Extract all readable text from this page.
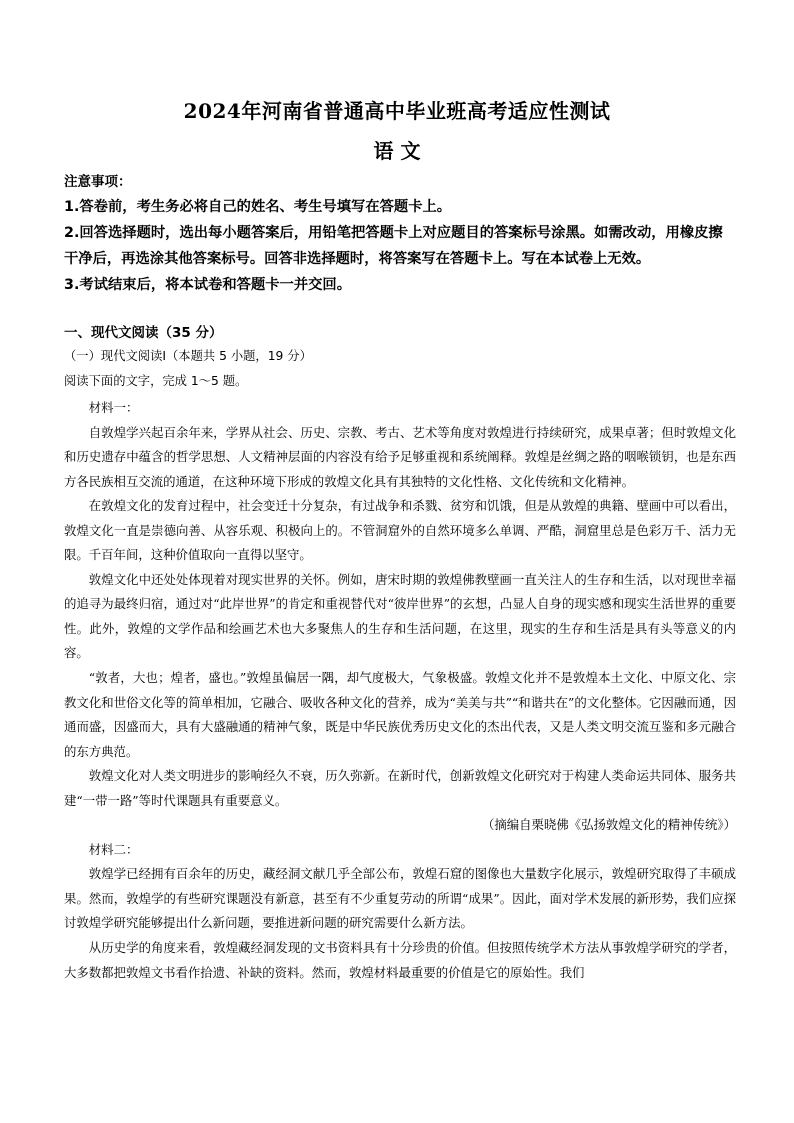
2024年河南省普通高中毕业班高考适应性测试
语 文

注意事项：

1.答卷前，考生务必将自己的姓名、考生号填写在答题卡上。

2.回答选择题时，选出每小题答案后，用铅笔把答题卡上对应题目的答案标号涂黑。如需改动，用橡皮擦干净后，再选涂其他答案标号。回答非选择题时，将答案写在答题卡上。写在本试卷上无效。

3.考试结束后，将本试卷和答题卡一并交回。

一、现代文阅读（35 分）

（一）现代文阅读Ⅰ（本题共 5 小题，19 分）

阅读下面的文字，完成 1～5 题。

材料一：

自敦煌学兴起百余年来，学界从社会、历史、宗教、考古、艺术等角度对敦煌进行持续研究，成果卓著；但时敦煌文化和历史遗存中蕴含的哲学思想、人文精神层面的内容没有给予足够重视和系统阐释。敦煌是丝绸之路的咽喉锁钥，也是东西方各民族相互交流的通道，在这种环境下形成的敦煌文化具有其独特的文化性格、文化传统和文化精神。

在敦煌文化的发育过程中，社会变迁十分复杂，有过战争和杀戮、贫穷和饥饿，但是从敦煌的典籍、壁画中可以看出，敦煌文化一直是崇德向善、从容乐观、积极向上的。不管洞窟外的自然环境多么单调、严酷，洞窟里总是色彩万千、活力无限。千百年间，这种价值取向一直得以坚守。

敦煌文化中还处处体现着对现实世界的关怀。例如，唐宋时期的敦煌佛教壁画一直关注人的生存和生活，以对现世幸福的追寻为最终归宿，通过对“此岸世界”的肯定和重视替代对“彼岸世界”的玄想，凸显人自身的现实感和现实生活世界的重要性。此外，敦煌的文学作品和绘画艺术也大多聚焦人的生存和生活问题，在这里，现实的生存和生活是具有头等意义的内容。

“敦者，大也；煌者，盛也。”敦煌虽偏居一隅，却气度极大，气象极盛。敦煌文化并不是敦煌本土文化、中原文化、宗教文化和世俗文化等的简单相加，它融合、吸收各种文化的营养，成为“美美与共”“和谐共在”的文化整体。它因融而通，因通而盛，因盛而大，具有大盛融通的精神气象，既是中华民族优秀历史文化的杰出代表，又是人类文明交流互鉴和多元融合的东方典范。

敦煌文化对人类文明进步的影响经久不衰，历久弥新。在新时代，创新敦煌文化研究对于构建人类命运共同体、服务共建“一带一路”等时代课题具有重要意义。

（摘编自栗晓佛《弘扬敦煌文化的精神传统》）

材料二：

敦煌学已经拥有百余年的历史，藏经洞文献几乎全部公布，敦煌石窟的图像也大量数字化展示，敦煌研究取得了丰硕成果。然而，敦煌学的有些研究课题没有新意，甚至有不少重复劳动的所谓“成果”。因此，面对学术发展的新形势，我们应探讨敦煌学研究能够提出什么新问题，要推进新问题的研究需要什么新方法。

从历史学的角度来看，敦煌藏经洞发现的文书资料具有十分珍贵的价值。但按照传统学术方法从事敦煌学研究的学者，大多数都把敦煌文书看作拾遗、补缺的资料。然而，敦煌材料最重要的价值是它的原始性。我们
